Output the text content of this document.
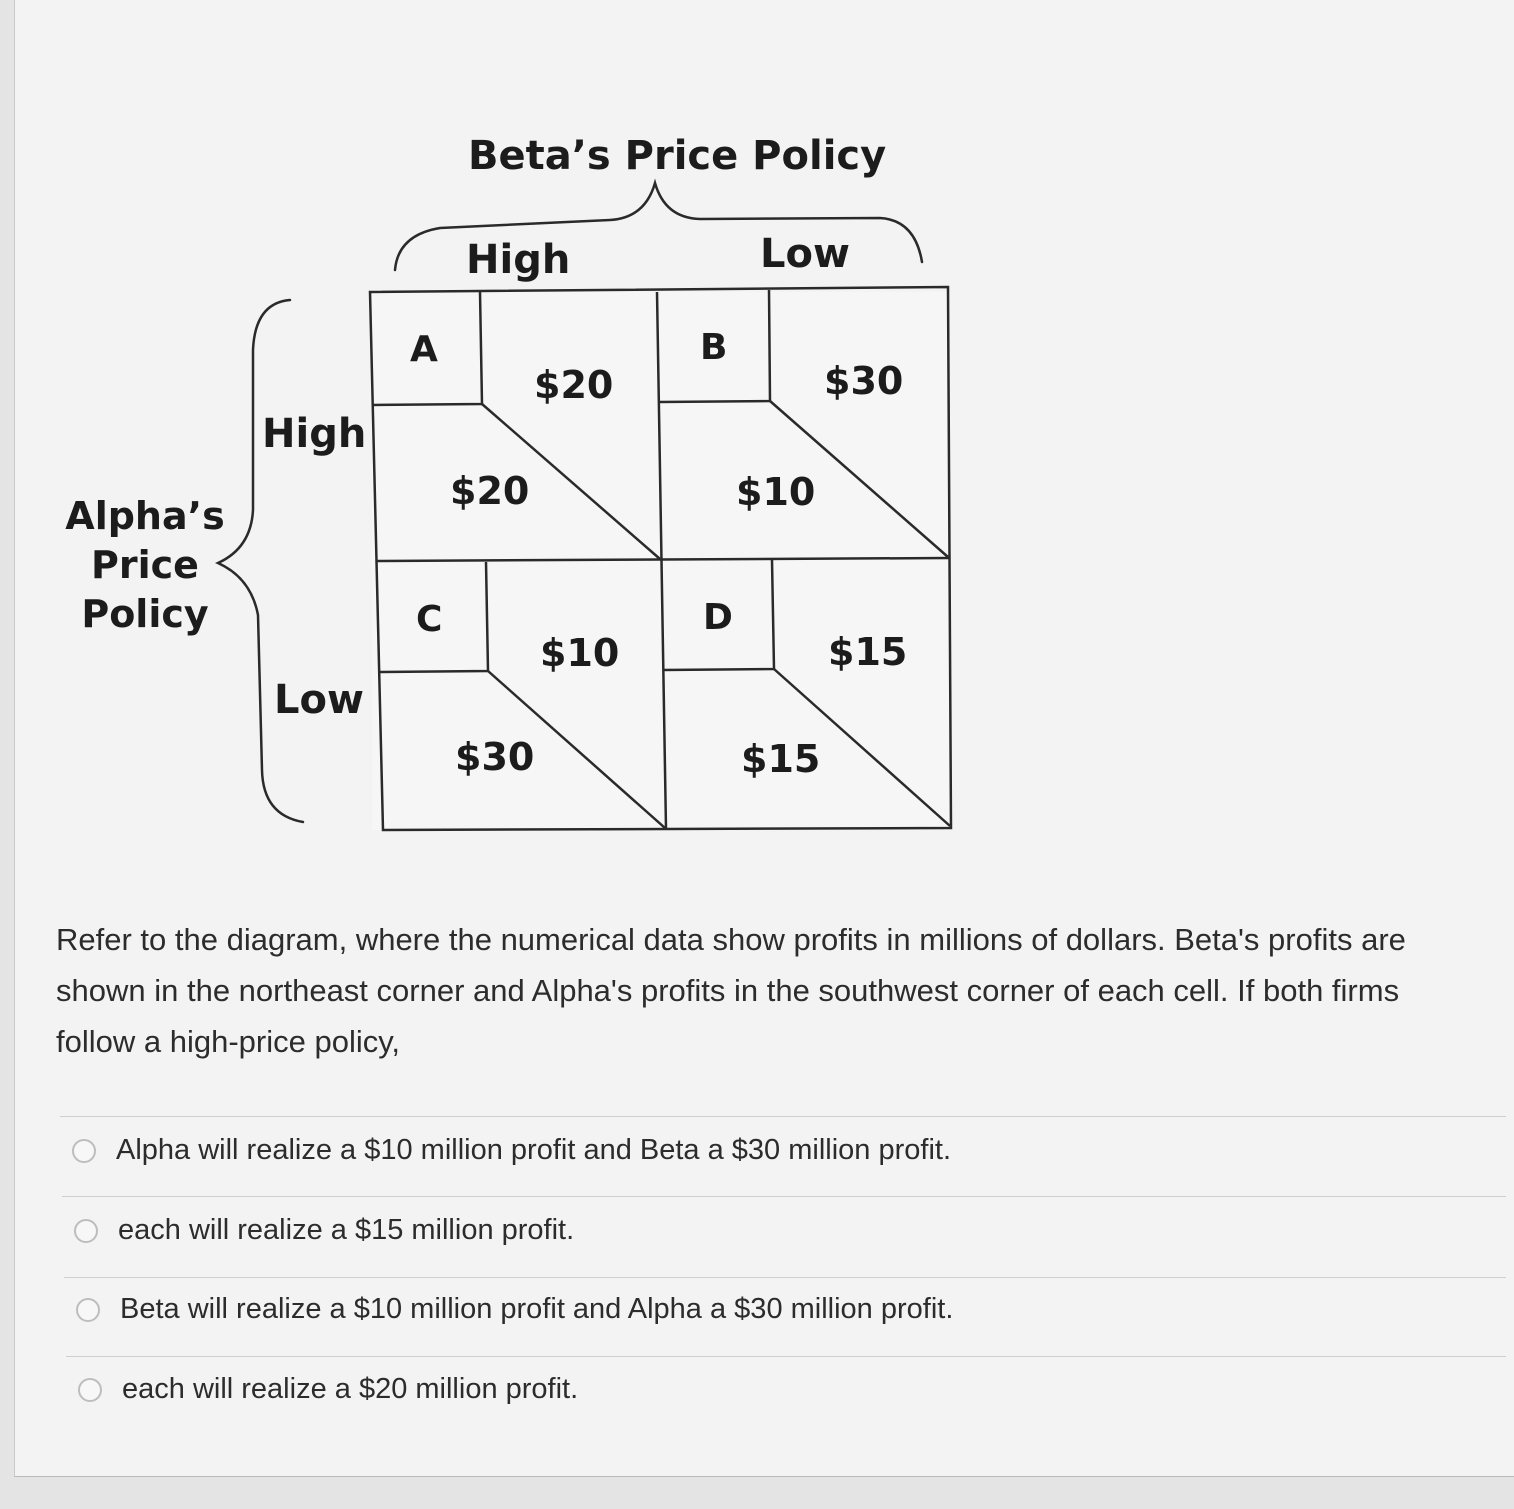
Beta’s Price Policy
High	Low
Alpha’s
Price
Policy
High
Low
A
$20
$20
B
$30
$10
C
$10
$30
D
$15
$15
Refer to the diagram, where the numerical data show profits in millions of dollars. Beta's profits are shown in the northeast corner and Alpha's profits in the southwest corner of each cell. If both firms follow a high-price policy,
Alpha will realize a $10 million profit and Beta a $30 million profit.
each will realize a $15 million profit.
Beta will realize a $10 million profit and Alpha a $30 million profit.
each will realize a $20 million profit.
